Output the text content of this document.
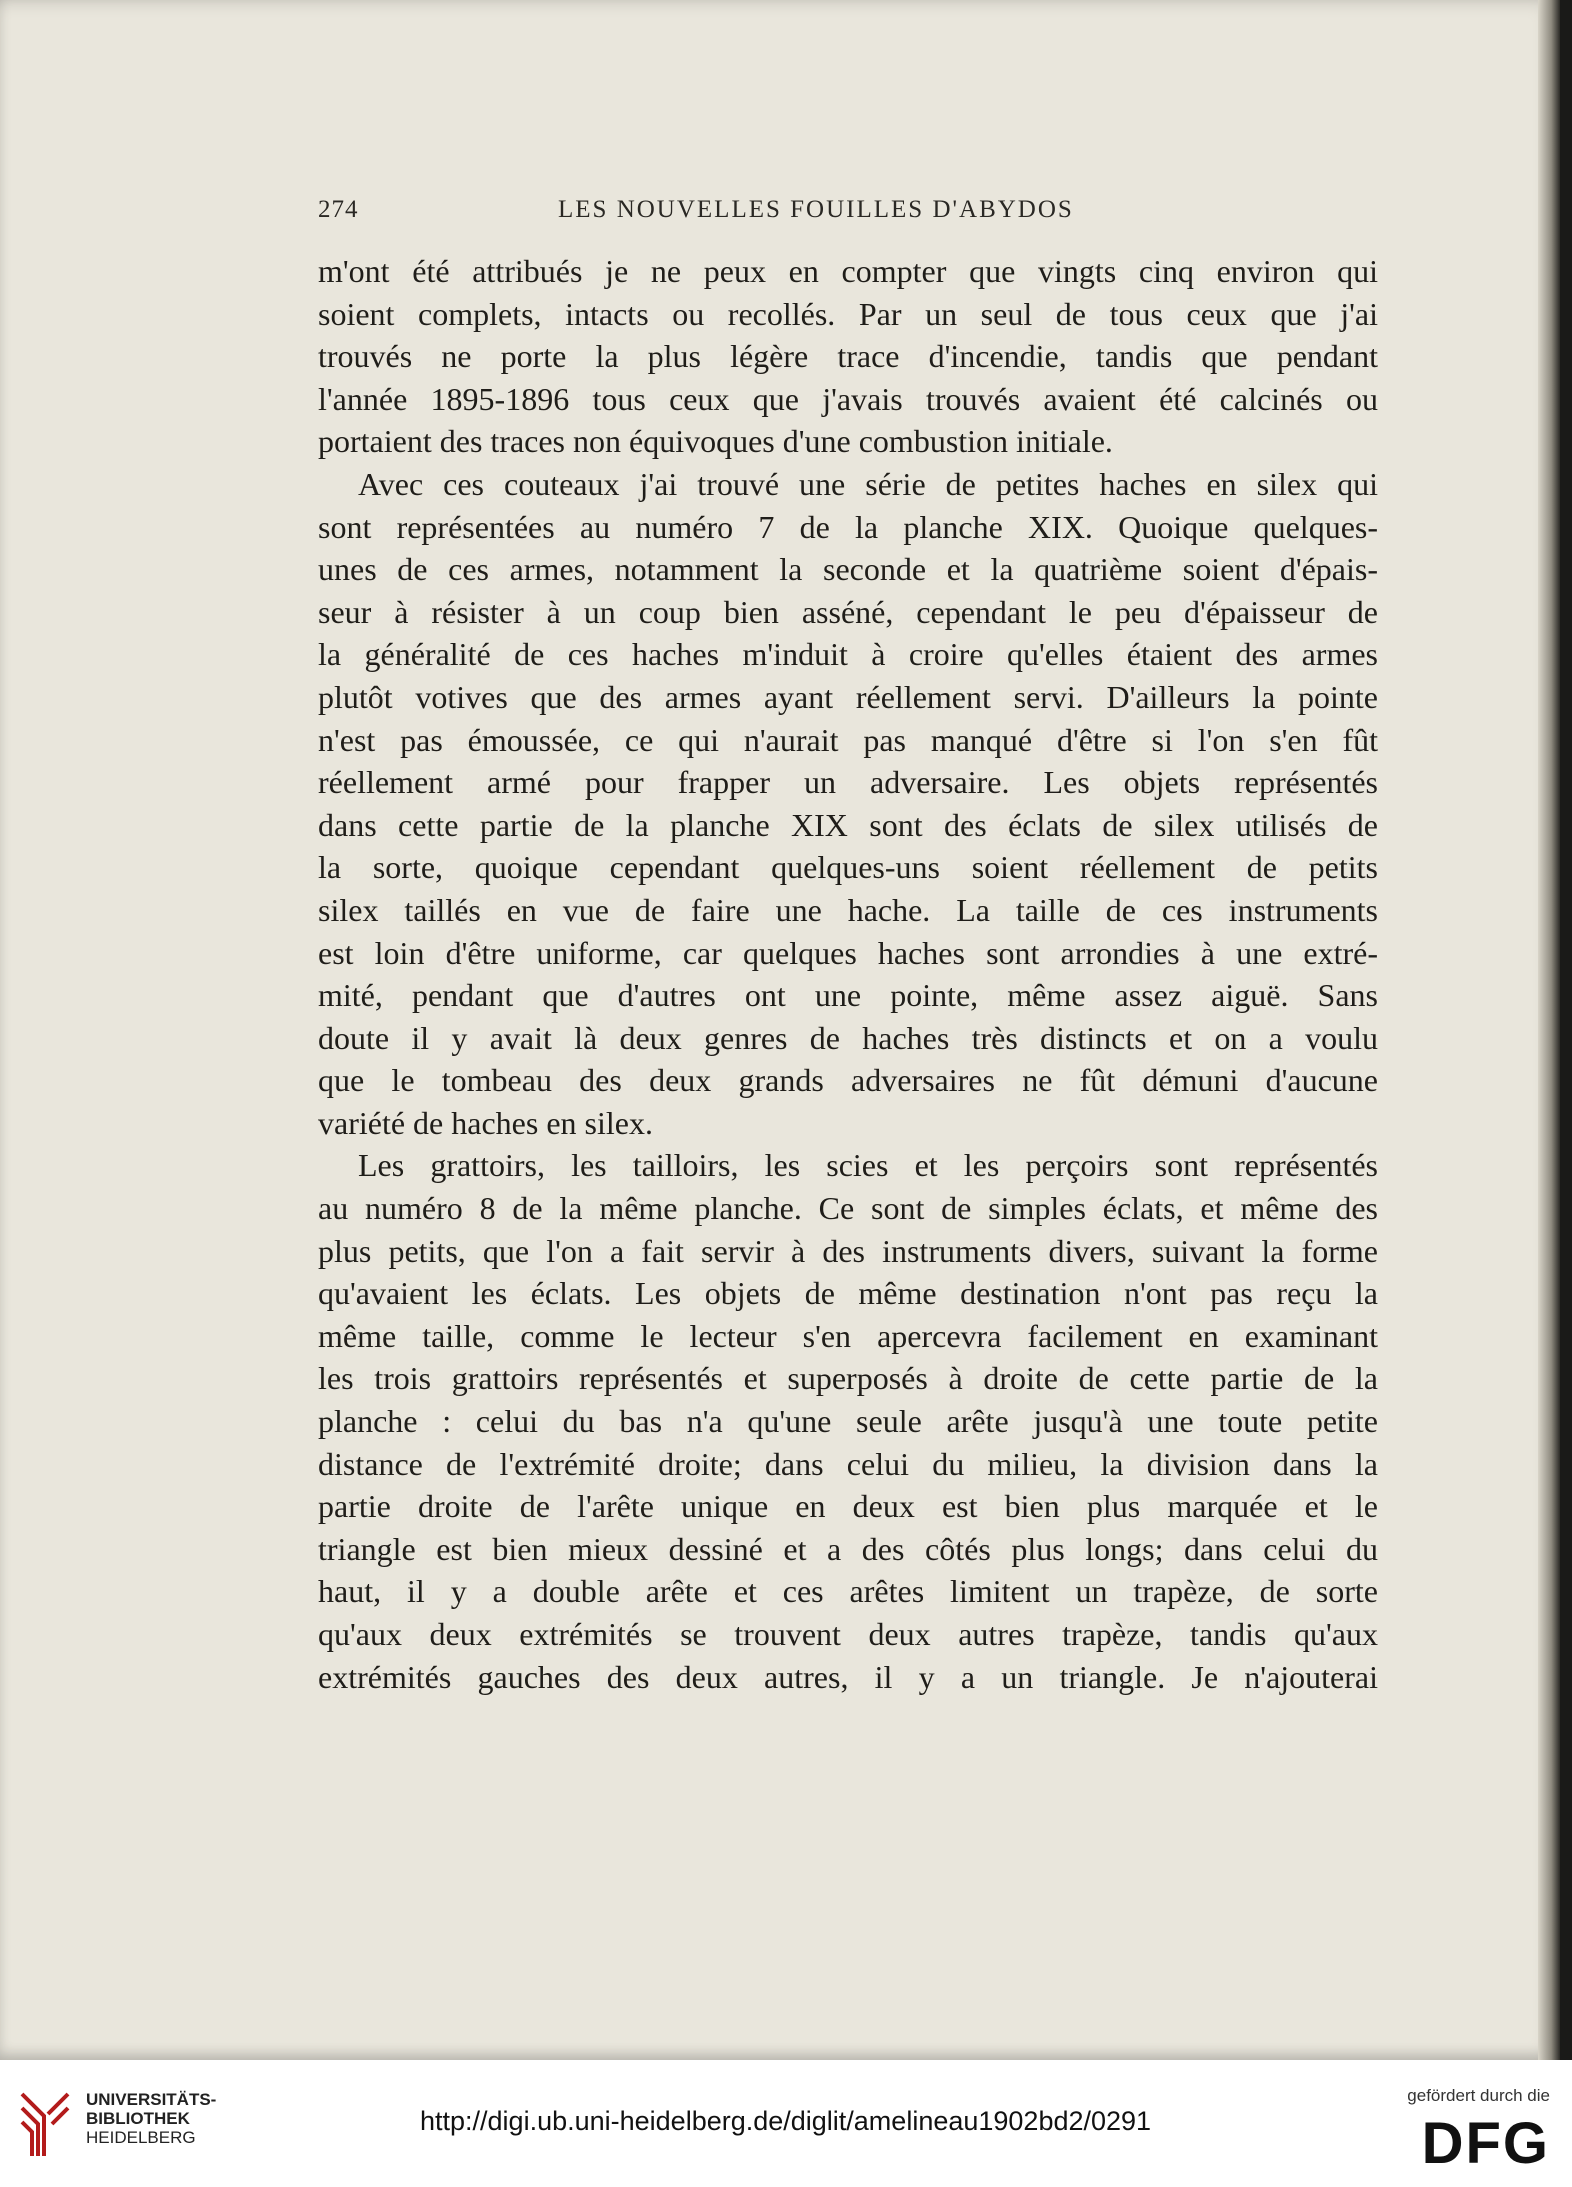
274	LES NOUVELLES FOUILLES D'ABYDOS
m'ont été attribués je ne peux en compter que vingts cinq environ qui
soient complets, intacts ou recollés. Par un seul de tous ceux que j'ai
trouvés ne porte la plus légère trace d'incendie, tandis que pendant
l'année 1895-1896 tous ceux que j'avais trouvés avaient été calcinés ou
portaient des traces non équivoques d'une combustion initiale.
Avec ces couteaux j'ai trouvé une série de petites haches en silex qui
sont représentées au numéro 7 de la planche XIX. Quoique quelques-
unes de ces armes, notamment la seconde et la quatrième soient d'épais-
seur à résister à un coup bien asséné, cependant le peu d'épaisseur de
la généralité de ces haches m'induit à croire qu'elles étaient des armes
plutôt votives que des armes ayant réellement servi. D'ailleurs la pointe
n'est pas émoussée, ce qui n'aurait pas manqué d'être si l'on s'en fût
réellement armé pour frapper un adversaire. Les objets représentés
dans cette partie de la planche XIX sont des éclats de silex utilisés de
la sorte, quoique cependant quelques-uns soient réellement de petits
silex taillés en vue de faire une hache. La taille de ces instruments
est loin d'être uniforme, car quelques haches sont arrondies à une extré-
mité, pendant que d'autres ont une pointe, même assez aiguë. Sans
doute il y avait là deux genres de haches très distincts et on a voulu
que le tombeau des deux grands adversaires ne fût démuni d'aucune
variété de haches en silex.
Les grattoirs, les tailloirs, les scies et les perçoirs sont représentés
au numéro 8 de la même planche. Ce sont de simples éclats, et même des
plus petits, que l'on a fait servir à des instruments divers, suivant la forme
qu'avaient les éclats. Les objets de même destination n'ont pas reçu la
même taille, comme le lecteur s'en apercevra facilement en examinant
les trois grattoirs représentés et superposés à droite de cette partie de la
planche : celui du bas n'a qu'une seule arête jusqu'à une toute petite
distance de l'extrémité droite; dans celui du milieu, la division dans la
partie droite de l'arête unique en deux est bien plus marquée et le
triangle est bien mieux dessiné et a des côtés plus longs; dans celui du
haut, il y a double arête et ces arêtes limitent un trapèze, de sorte
qu'aux deux extrémités se trouvent deux autres trapèze, tandis qu'aux
extrémités gauches des deux autres, il y a un triangle. Je n'ajouterai
UNIVERSITÄTS-
BIBLIOTHEK
HEIDELBERG
http://digi.ub.uni-heidelberg.de/diglit/amelineau1902bd2/0291
gefördert durch die
DFG
